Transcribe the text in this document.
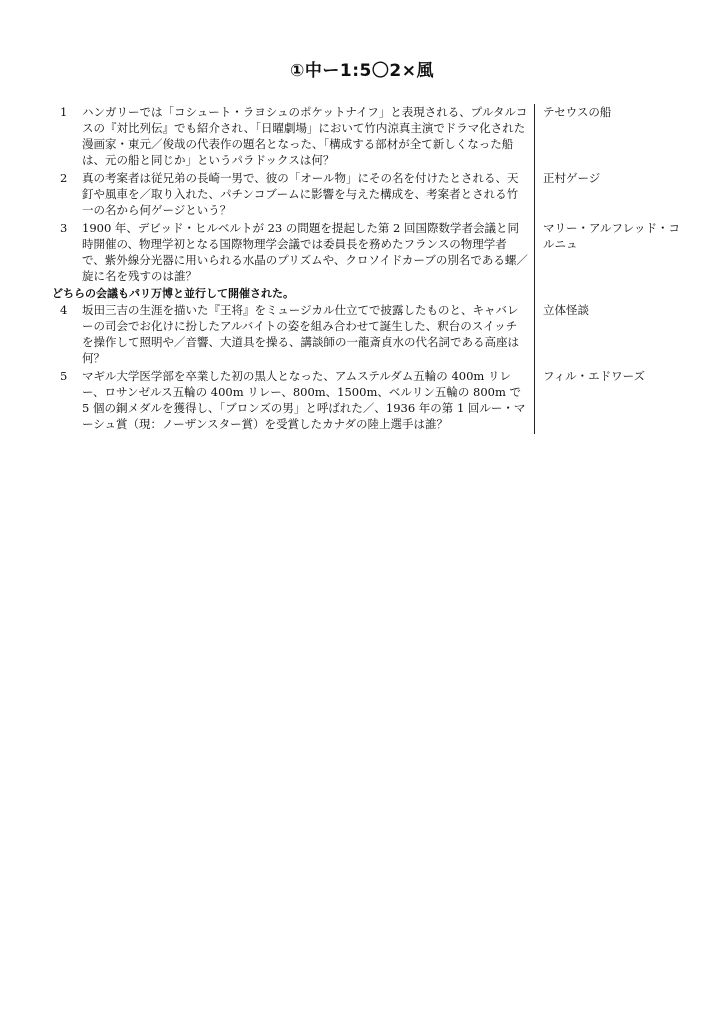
①中ー1:5〇2×風
1	ハンガリーでは「コシュート・ラヨシュのポケットナイフ」と表現される、プルタルコスの『対比列伝』でも紹介され、「日曜劇場」において竹内涼真主演でドラマ化された漫画家・東元／俊哉の代表作の題名となった、「構成する部材が全て新しくなった船は、元の船と同じか」というパラドックスは何？	テセウスの船
2	真の考案者は従兄弟の長崎一男で、彼の「オール物」にその名を付けたとされる、天釘や風車を／取り入れた、パチンコブームに影響を与えた構成を、考案者とされる竹一の名から何ゲージという？	正村ゲージ
3	1900 年、デビッド・ヒルベルトが 23 の問題を提起した第 2 回国際数学者会議と同時開催の、物理学初となる国際物理学会議では委員長を務めたフランスの物理学者で、紫外線分光器に用いられる水晶のプリズムや、クロソイドカーブの別名である螺／旋に名を残すのは誰？	マリー・アルフレッド・コルニュ
どちらの会議もパリ万博と並行して開催された。		
4	坂田三吉の生涯を描いた『王将』をミュージカル仕立てで披露したものと、キャバレーの司会でお化けに扮したアルバイトの姿を組み合わせて誕生した、釈台のスイッチを操作して照明や／音響、大道具を操る、講談師の一龍斎貞水の代名詞である高座は何？	立体怪談
5	マギル大学医学部を卒業した初の黒人となった、アムステルダム五輪の 400m リレー、ロサンゼルス五輪の 400m リレー、800m、1500m、ベルリン五輪の 800m で 5 個の銅メダルを獲得し、「ブロンズの男」と呼ばれた／、1936 年の第 1 回ルー・マーシュ賞（現：ノーザンスター賞）を受賞したカナダの陸上選手は誰？	フィル・エドワーズ
